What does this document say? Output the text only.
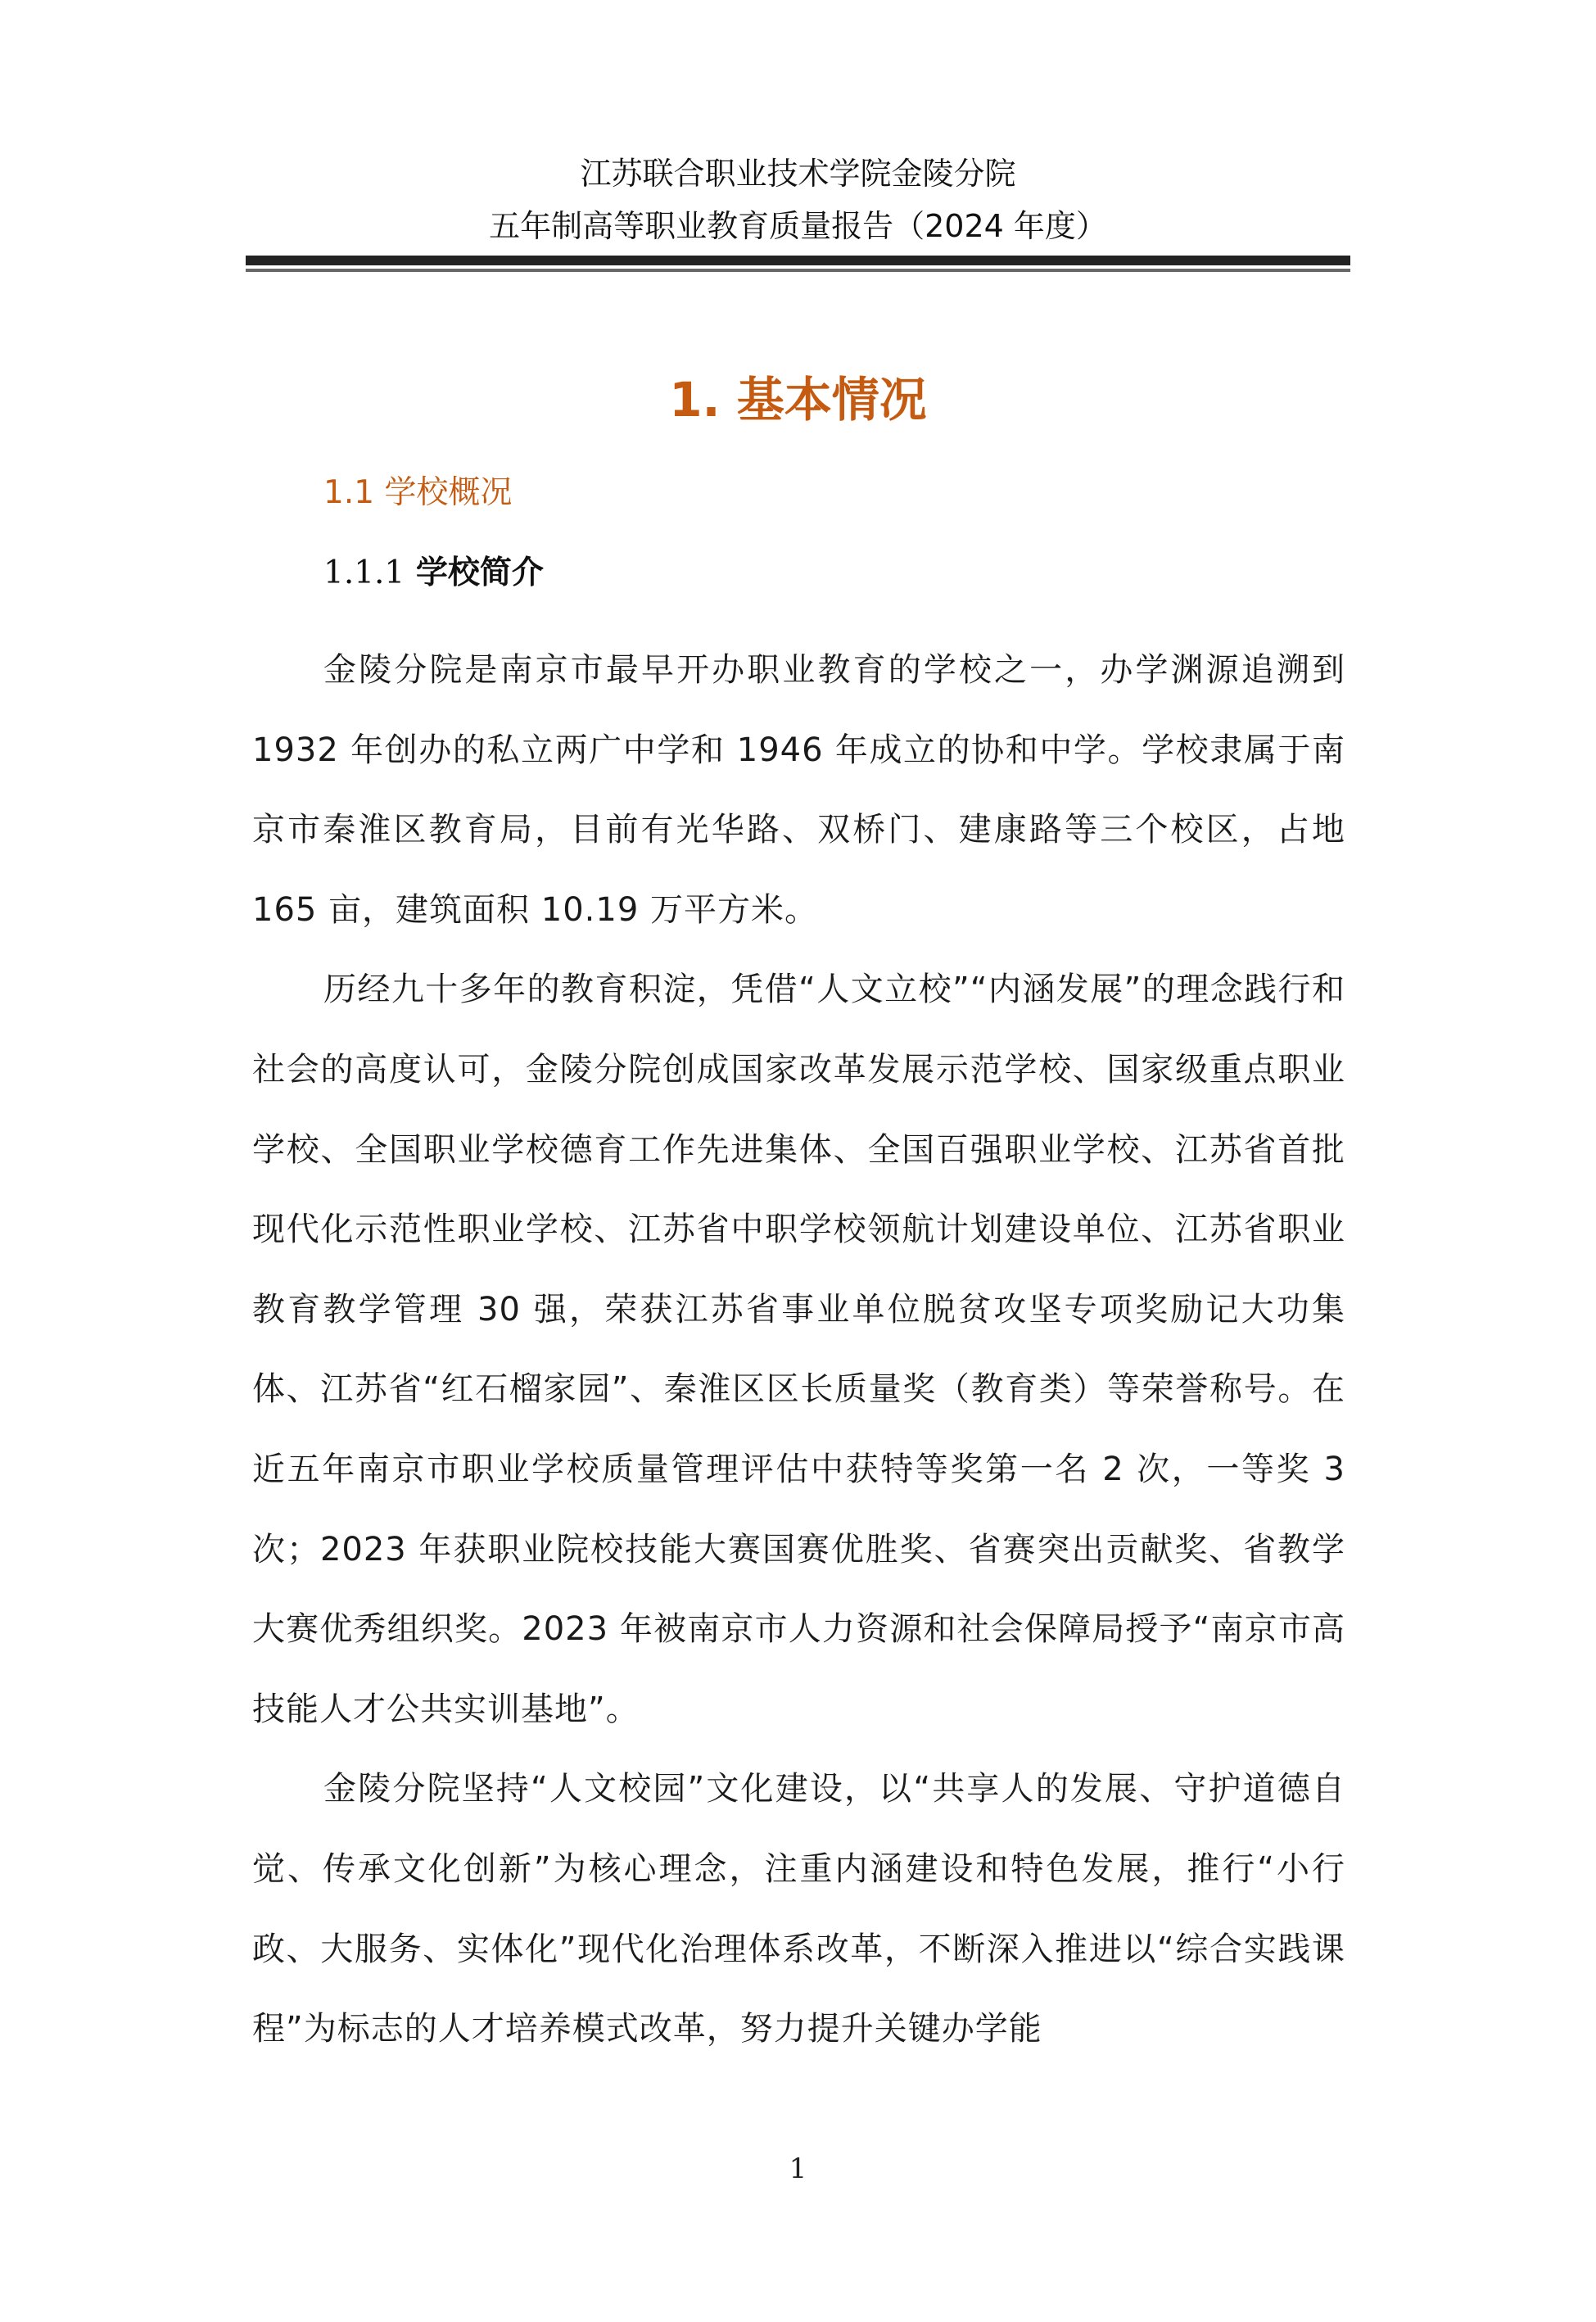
江苏联合职业技术学院金陵分院
五年制高等职业教育质量报告（2024 年度）
1. 基本情况
1.1 学校概况
1.1.1 学校简介

金陵分院是南京市最早开办职业教育的学校之一，办学渊源追溯到 1932 年创办的私立两广中学和 1946 年成立的协和中学。学校隶属于南京市秦淮区教育局，目前有光华路、双桥门、建康路等三个校区，占地 165 亩，建筑面积 10.19 万平方米。

历经九十多年的教育积淀，凭借“人文立校”“内涵发展”的理念践行和社会的高度认可，金陵分院创成国家改革发展示范学校、国家级重点职业学校、全国职业学校德育工作先进集体、全国百强职业学校、江苏省首批现代化示范性职业学校、江苏省中职学校领航计划建设单位、江苏省职业教育教学管理 30 强，荣获江苏省事业单位脱贫攻坚专项奖励记大功集体、江苏省“红石榴家园”、秦淮区区长质量奖（教育类）等荣誉称号。在近五年南京市职业学校质量管理评估中获特等奖第一名 2 次，一等奖 3 次；2023 年获职业院校技能大赛国赛优胜奖、省赛突出贡献奖、省教学大赛优秀组织奖。2023 年被南京市人力资源和社会保障局授予“南京市高技能人才公共实训基地”。

金陵分院坚持“人文校园”文化建设，以“共享人的发展、守护道德自觉、传承文化创新”为核心理念，注重内涵建设和特色发展，推行“小行政、大服务、实体化”现代化治理体系改革，不断深入推进以“综合实践课程”为标志的人才培养模式改革，努力提升关键办学能

1
